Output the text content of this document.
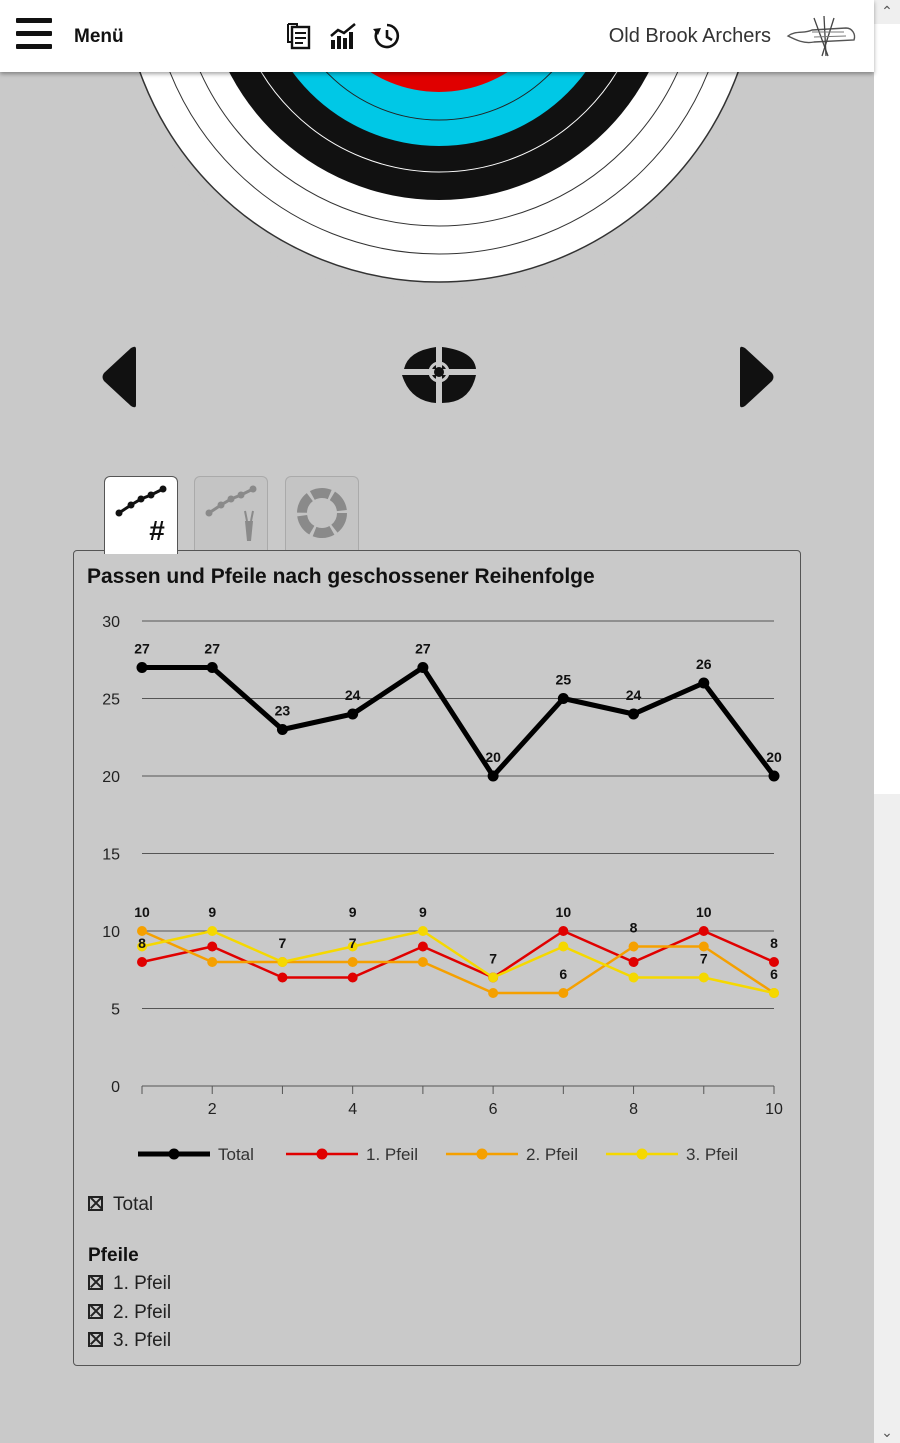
Menü	Old Brook Archers
⌃
⌄
#
Passen und Pfeile nach geschossener Reihenfolge
0
5
10
15
20
25
30
2	4	6	8	10
27	27
23
24
27
20
25
24
26
20
10
8
9
7
9
7
9
7
10
6
8
10
7
8
6
Total	1. Pfeil	2. Pfeil	3. Pfeil
Total
Pfeile
1. Pfeil
2. Pfeil
3. Pfeil
